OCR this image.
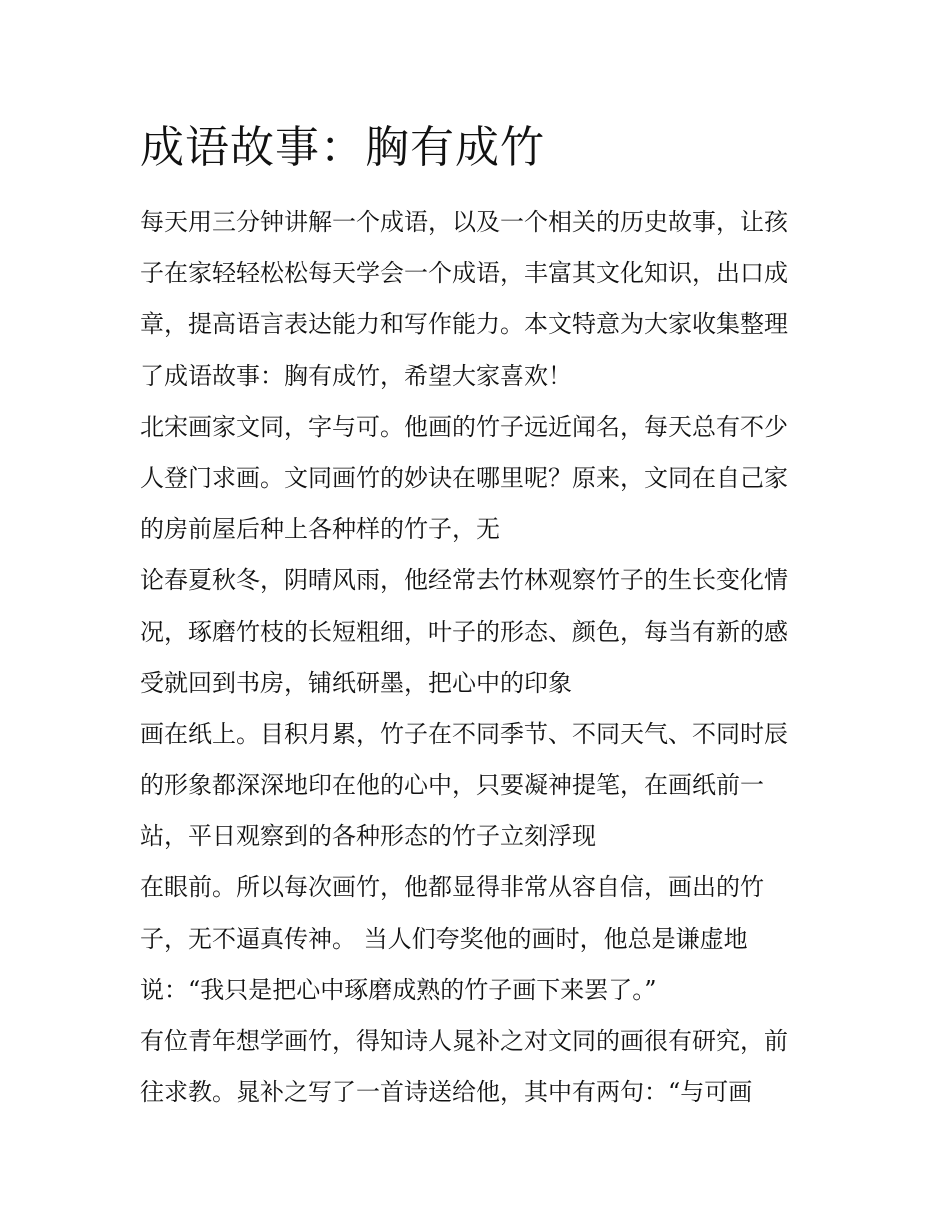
成语故事：胸有成竹
每天用三分钟讲解一个成语，以及一个相关的历史故事，让孩
子在家轻轻松松每天学会一个成语，丰富其文化知识，出口成
章，提高语言表达能力和写作能力。本文特意为大家收集整理
了成语故事：胸有成竹，希望大家喜欢！
北宋画家文同，字与可。他画的竹子远近闻名，每天总有不少
人登门求画。文同画竹的妙诀在哪里呢？原来，文同在自己家
的房前屋后种上各种样的竹子，无
论春夏秋冬，阴晴风雨，他经常去竹林观察竹子的生长变化情
况，琢磨竹枝的长短粗细，叶子的形态、颜色，每当有新的感
受就回到书房，铺纸研墨，把心中的印象
画在纸上。目积月累，竹子在不同季节、不同天气、不同时辰
的形象都深深地印在他的心中，只要凝神提笔，在画纸前一
站，平日观察到的各种形态的竹子立刻浮现
在眼前。所以每次画竹，他都显得非常从容自信，画出的竹
子，无不逼真传神。 当人们夸奖他的画时，他总是谦虚地
说：“我只是把心中琢磨成熟的竹子画下来罢了。”
有位青年想学画竹，得知诗人晁补之对文同的画很有研究，前
往求教。晁补之写了一首诗送给他，其中有两句：“与可画
